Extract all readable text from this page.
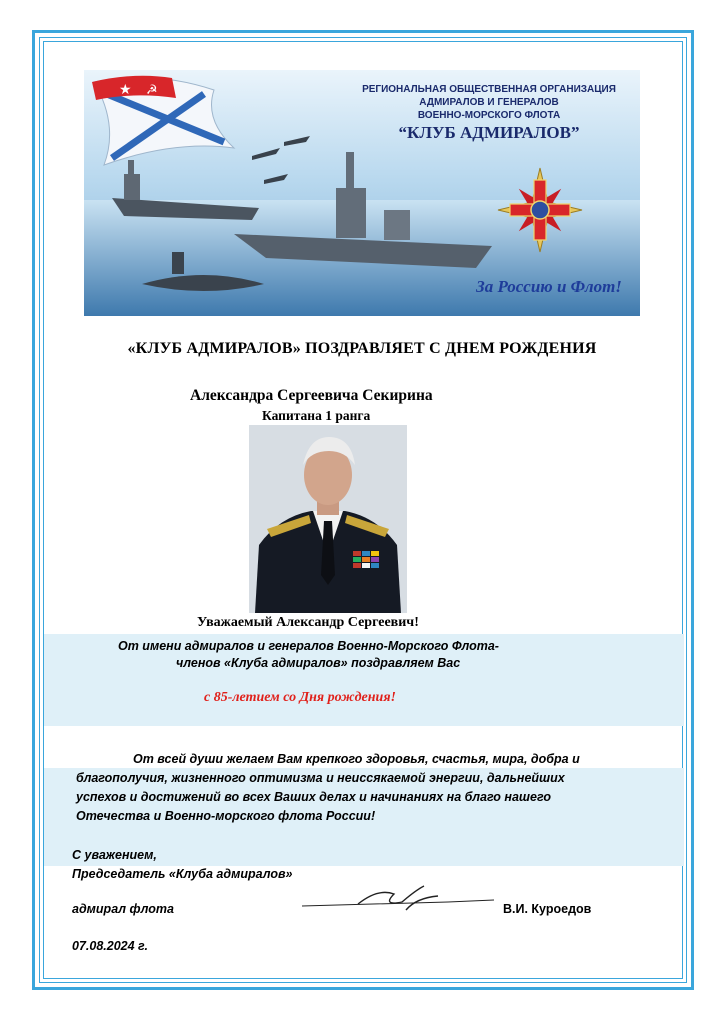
★ ☭	РЕГИОНАЛЬНАЯ ОБЩЕСТВЕННАЯ ОРГАНИЗАЦИЯ
АДМИРАЛОВ И ГЕНЕРАЛОВ
ВОЕННО-МОРСКОГО ФЛОТА
“КЛУБ АДМИРАЛОВ”
За Россию и Флот!
«КЛУБ АДМИРАЛОВ» ПОЗДРАВЛЯЕТ С ДНЕМ РОЖДЕНИЯ
Александра Сергеевича Секирина
Капитана 1 ранга
Уважаемый Александр Сергеевич!
От имени адмиралов и генералов Военно-Морского Флота-
членов «Клуба адмиралов» поздравляем Вас
с 85-летием со Дня рождения!
От всей души желаем Вам крепкого здоровья, счастья, мира, добра и
благополучия, жизненного оптимизма и неиссякаемой энергии, дальнейших
успехов и достижений во всех Ваших делах и начинаниях на благо нашего
Отечества и Военно-морского флота России!
С уважением,
Председатель «Клуба адмиралов»
адмирал флота	В.И. Куроедов
07.08.2024 г.
